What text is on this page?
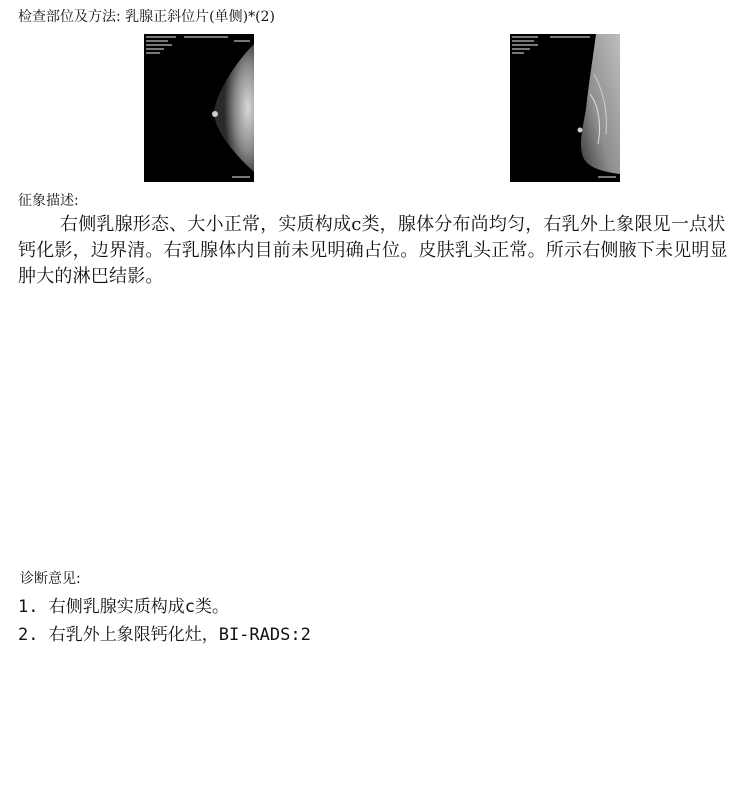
检查部位及方法: 乳腺正斜位片(单侧)*(2)
征象描述:

右侧乳腺形态、大小正常，实质构成c类，腺体分布尚均匀，右乳外上象限见一点状钙化影，边界清。右乳腺体内目前未见明确占位。皮肤乳头正常。所示右侧腋下未见明显肿大的淋巴结影。

诊断意见:
1. 右侧乳腺实质构成c类。
2. 右乳外上象限钙化灶，BI-RADS:2
